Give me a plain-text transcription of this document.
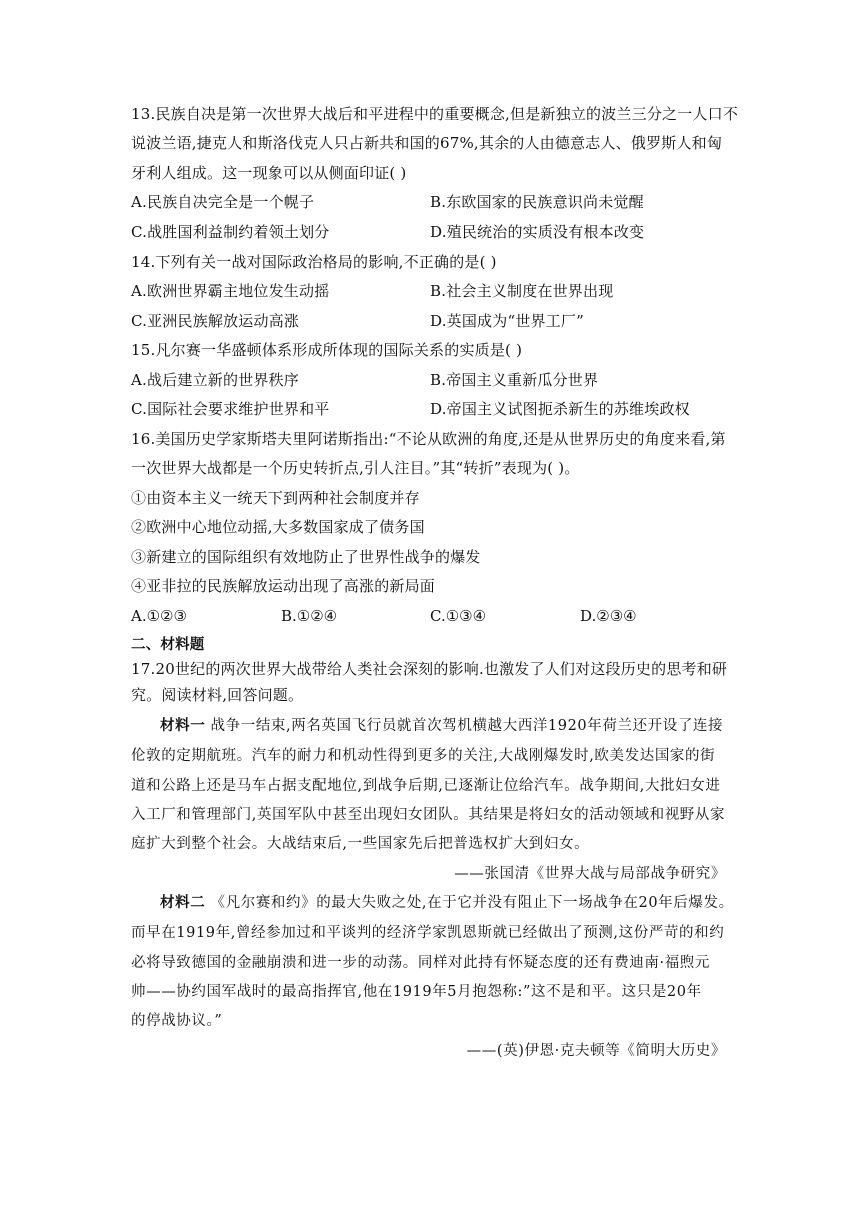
13.民族自决是第一次世界大战后和平进程中的重要概念,但是新独立的波兰三分之一人口不
说波兰语,捷克人和斯洛伐克人只占新共和国的67%,其余的人由德意志人、俄罗斯人和匈
牙利人组成。这一现象可以从侧面印证( )
A.民族自决完全是一个幌子	B.东欧国家的民族意识尚未觉醒
C.战胜国利益制约着领土划分	D.殖民统治的实质没有根本改变
14.下列有关一战对国际政治格局的影响,不正确的是( )
A.欧洲世界霸主地位发生动摇	B.社会主义制度在世界出现
C.亚洲民族解放运动高涨	D.英国成为“世界工厂”
15.凡尔赛一华盛顿体系形成所体现的国际关系的实质是( )
A.战后建立新的世界秩序	B.帝国主义重新瓜分世界
C.国际社会要求维护世界和平	D.帝国主义试图扼杀新生的苏维埃政权
16.美国历史学家斯塔夫里阿诺斯指出:“不论从欧洲的角度,还是从世界历史的角度来看,第
一次世界大战都是一个历史转折点,引人注目。”其“转折”表现为( )。
①由资本主义一统天下到两种社会制度并存
②欧洲中心地位动摇,大多数国家成了债务国
③新建立的国际组织有效地防止了世界性战争的爆发
④亚非拉的民族解放运动出现了高涨的新局面
A.①②③	B.①②④	C.①③④	D.②③④
二、材料题
17.20世纪的两次世界大战带给人类社会深刻的影响.也激发了人们对这段历史的思考和研
究。阅读材料,回答问题。
材料一 战争一结束,两名英国飞行员就首次驾机横越大西洋1920年荷兰还开设了连接
伦敦的定期航班。汽车的耐力和机动性得到更多的关注,大战刚爆发时,欧美发达国家的街
道和公路上还是马车占据支配地位,到战争后期,已逐渐让位给汽车。战争期间,大批妇女进
入工厂和管理部门,英国军队中甚至出现妇女团队。其结果是将妇女的活动领域和视野从家
庭扩大到整个社会。大战结束后,一些国家先后把普选权扩大到妇女。
——张国清《世界大战与局部战争研究》
材料二 《凡尔赛和约》的最大失败之处,在于它并没有阻止下一场战争在20年后爆发。
而早在1919年,曾经参加过和平谈判的经济学家凯恩斯就已经做出了预测,这份严苛的和约
必将导致德国的金融崩溃和进一步的动荡。同样对此持有怀疑态度的还有费迪南·福煦元
帅——协约国军战时的最高指挥官,他在1919年5月抱怨称:”这不是和平。这只是20年
的停战协议。”
——(英)伊恩·克夫顿等《简明大历史》
